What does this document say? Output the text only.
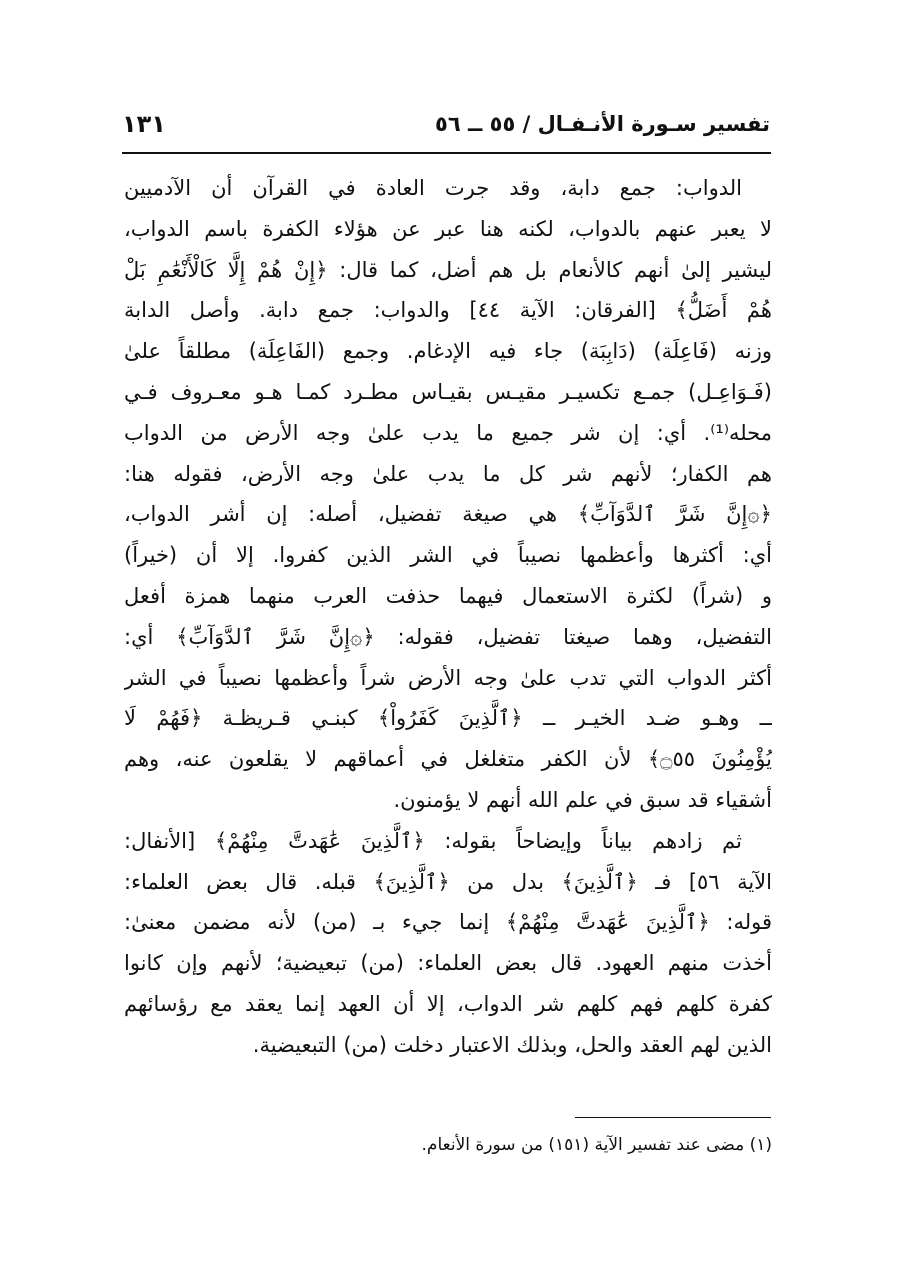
تفسير سـورة الأنـفـال / ٥٥ ــ ٥٦
١٣١
الدواب: جمع دابة، وقد جرت العادة في القرآن أن الآدميين
لا يعبر عنهم بالدواب، لكنه هنا عبر عن هؤلاء الكفرة باسم الدواب،
ليشير إلىٰ أنهم كالأنعام بل هم أضل، كما قال: ﴿إِنْ هُمْ إِلَّا كَالْأَنْعَٰمِ بَلْ
هُمْ أَضَلُّ﴾ [الفرقان: الآية ٤٤] والدواب: جمع دابة. وأصل الدابة
وزنه (فَاعِلَة) (دَابِبَة) جاء فيه الإدغام. وجمع (الفَاعِلَة) مطلقاً علىٰ
(فَـوَاعِـل) جمـع تكسيـر مقيـس بقيـاس مطـرد كمـا هـو معـروف فـي
محله⁽¹⁾. أي: إن شر جميع ما يدب علىٰ وجه الأرض من الدواب
هم الكفار؛ لأنهم شر كل ما يدب علىٰ وجه الأرض، فقوله هنا:
﴿۞إِنَّ شَرَّ ٱلدَّوَآبِّ﴾ هي صيغة تفضيل، أصله: إن أشر الدواب،
أي: أكثرها وأعظمها نصيباً في الشر الذين كفروا. إلا أن (خيراً)
و (شراً) لكثرة الاستعمال فيهما حذفت العرب منهما همزة أفعل
التفضيل، وهما صيغتا تفضيل، فقوله: ﴿۞إِنَّ شَرَّ ٱلدَّوَآبِّ﴾ أي:
أكثر الدواب التي تدب علىٰ وجه الأرض شراً وأعظمها نصيباً في الشر
ــ وهـو ضـد الخيـر ــ ﴿ٱلَّذِينَ كَفَرُواْ﴾ كبنـي قـريظـة ﴿فَهُمْ لَا
يُؤْمِنُونَ ۝٥٥﴾ لأن الكفر متغلغل في أعماقهم لا يقلعون عنه، وهم
أشقياء قد سبق في علم الله أنهم لا يؤمنون.
ثم زادهم بياناً وإيضاحاً بقوله: ﴿ٱلَّذِينَ عَٰهَدتَّ مِنْهُمْ﴾ [الأنفال:
الآية ٥٦] فـ ﴿ٱلَّذِينَ﴾ بدل من ﴿ٱلَّذِينَ﴾ قبله. قال بعض العلماء:
قوله: ﴿ٱلَّذِينَ عَٰهَدتَّ مِنْهُمْ﴾ إنما جيء بـ (من) لأنه مضمن معنىٰ:
أخذت منهم العهود. قال بعض العلماء: (من) تبعيضية؛ لأنهم وإن كانوا
كفرة كلهم فهم كلهم شر الدواب، إلا أن العهد إنما يعقد مع رؤسائهم
الذين لهم العقد والحل، وبذلك الاعتبار دخلت (من) التبعيضية.
(١) مضى عند تفسير الآية (١٥١) من سورة الأنعام.
